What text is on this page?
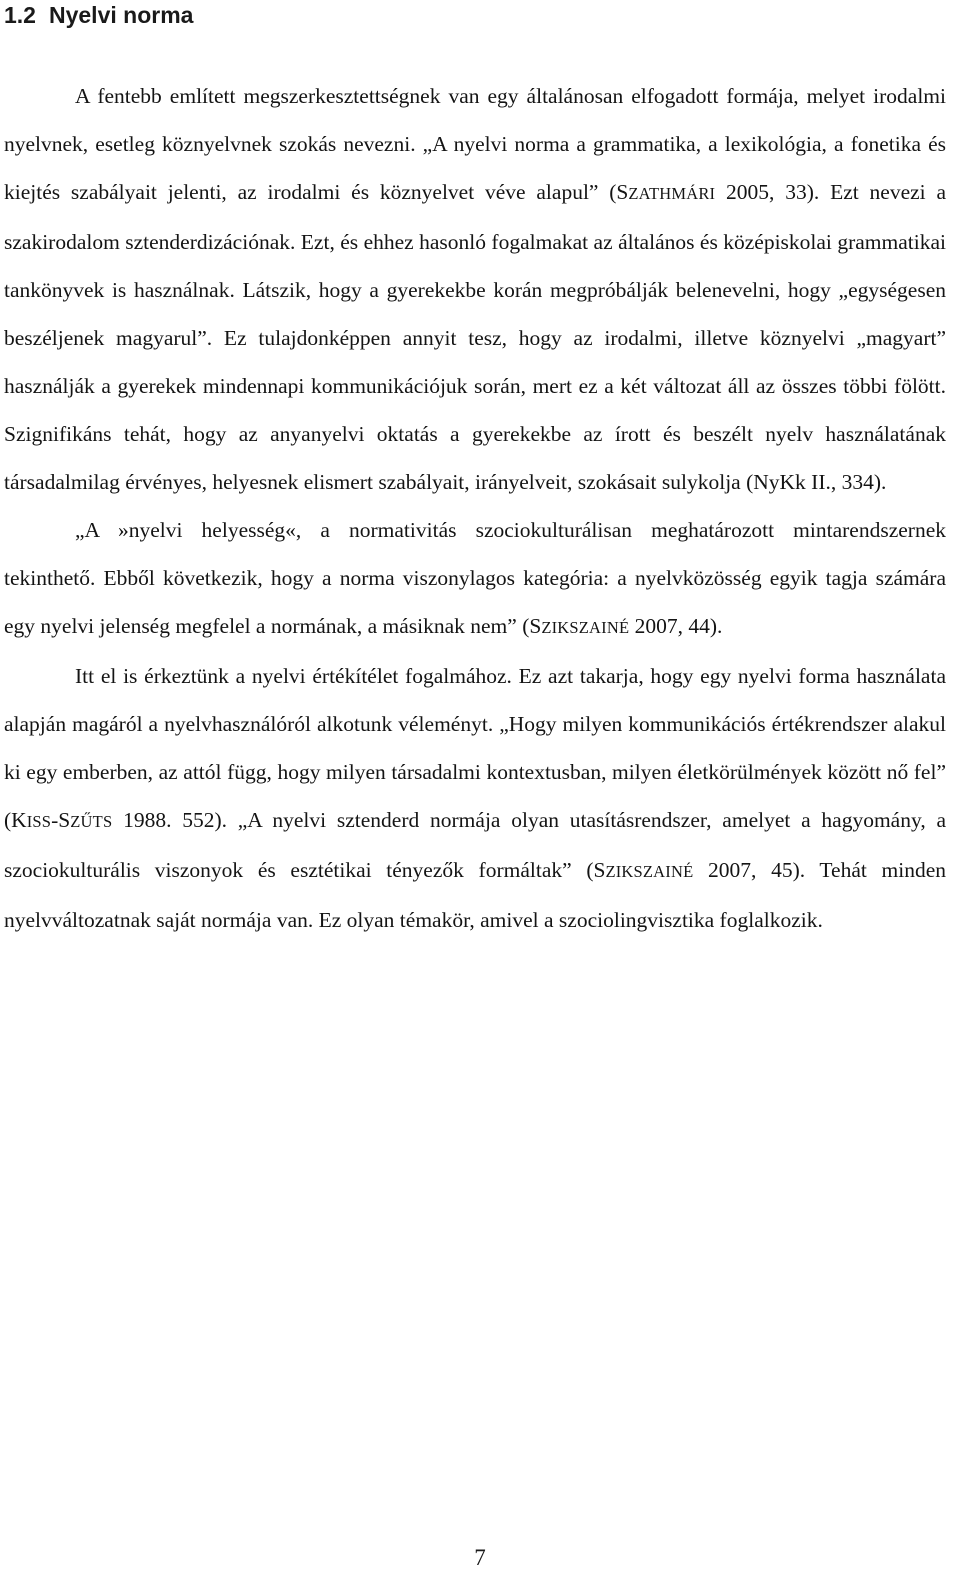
1.2 Nyelvi norma

A fentebb említett megszerkesztettségnek van egy általánosan elfogadott formája, melyet irodalmi nyelvnek, esetleg köznyelvnek szokás nevezni. „A nyelvi norma a grammatika, a lexikológia, a fonetika és kiejtés szabályait jelenti, az irodalmi és köznyelvet véve alapul” (SZATHMÁRI 2005, 33). Ezt nevezi a szakirodalom sztenderdizációnak. Ezt, és ehhez hasonló fogalmakat az általános és középiskolai grammatikai tankönyvek is használnak. Látszik, hogy a gyerekekbe korán megpróbálják belenevelni, hogy „egységesen beszéljenek magyarul”. Ez tulajdonképpen annyit tesz, hogy az irodalmi, illetve köznyelvi „magyart” használják a gyerekek mindennapi kommunikációjuk során, mert ez a két változat áll az összes többi fölött. Szignifikáns tehát, hogy az anyanyelvi oktatás a gyerekekbe az írott és beszélt nyelv használatának társadalmilag érvényes, helyesnek elismert szabályait, irányelveit, szokásait sulykolja (NyKk II., 334).

„A »nyelvi helyesség«, a normativitás szociokulturálisan meghatározott mintarendszernek tekinthető. Ebből következik, hogy a norma viszonylagos kategória: a nyelvközösség egyik tagja számára egy nyelvi jelenség megfelel a normának, a másiknak nem” (SZIKSZAINÉ 2007, 44).

Itt el is érkeztünk a nyelvi értékítélet fogalmához. Ez azt takarja, hogy egy nyelvi forma használata alapján magáról a nyelvhasználóról alkotunk véleményt. „Hogy milyen kommunikációs értékrendszer alakul ki egy emberben, az attól függ, hogy milyen társadalmi kontextusban, milyen életkörülmények között nő fel” (KISS-SZŰTS 1988. 552). „A nyelvi sztenderd normája olyan utasításrendszer, amelyet a hagyomány, a szociokulturális viszonyok és esztétikai tényezők formáltak” (SZIKSZAINÉ 2007, 45). Tehát minden nyelvváltozatnak saját normája van. Ez olyan témakör, amivel a szociolingvisztika foglalkozik.

7
